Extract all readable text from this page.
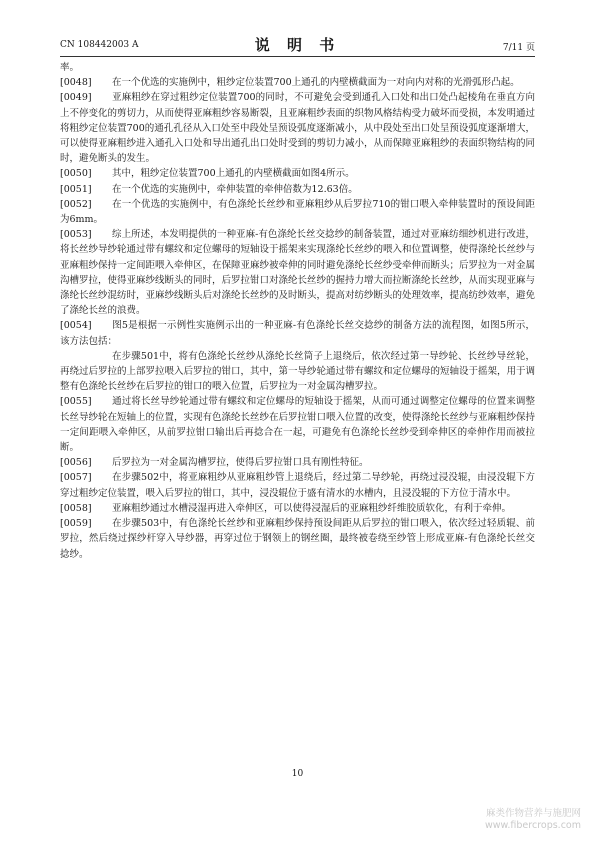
CN 108442003 A	说 明 书	7/11 页

率。

[0048] 在一个优选的实施例中，粗纱定位装置700上通孔的内壁横截面为一对向内对称的光滑弧形凸起。

[0049] 亚麻粗纱在穿过粗纱定位装置700的同时，不可避免会受到通孔入口处和出口处凸起棱角在垂直方向上不停变化的剪切力，从而使得亚麻粗纱容易断裂，且亚麻粗纱表面的织物风格结构受力破坏而受损，本发明通过将粗纱定位装置700的通孔孔径从入口处至中段处呈预设弧度逐渐减小，从中段处至出口处呈预设弧度逐渐增大，可以使得亚麻粗纱进入通孔入口处和导出通孔出口处时受到的剪切力减小，从而保障亚麻粗纱的表面织物结构的同时，避免断头的发生。

[0050] 其中，粗纱定位装置700上通孔的内壁横截面如图4所示。

[0051] 在一个优选的实施例中，牵伸装置的牵伸倍数为12.63倍。

[0052] 在一个优选的实施例中，有色涤纶长丝纱和亚麻粗纱从后罗拉710的钳口喂入牵伸装置时的预设间距为6mm。

[0053] 综上所述，本发明提供的一种亚麻-有色涤纶长丝交捻纱的制备装置，通过对亚麻纺细纱机进行改进，将长丝纱导纱轮通过带有螺纹和定位螺母的短轴设于摇架来实现涤纶长丝纱的喂入和位置调整，使得涤纶长丝纱与亚麻粗纱保持一定间距喂入牵伸区，在保障亚麻纱被牵伸的同时避免涤纶长丝纱受牵伸而断头；后罗拉为一对金属沟槽罗拉，使得亚麻纱线断头的同时，后罗拉钳口对涤纶长丝纱的握持力增大而拉断涤纶长丝纱，从而实现亚麻与涤纶长丝纱混纺时，亚麻纱线断头后对涤纶长丝纱的及时断头，提高对纺纱断头的处理效率，提高纺纱效率，避免了涤纶长丝的浪费。

[0054] 图5是根据一示例性实施例示出的一种亚麻-有色涤纶长丝交捻纱的制备方法的流程图，如图5所示，该方法包括：

在步骤501中，将有色涤纶长丝纱从涤纶长丝筒子上退绕后，依次经过第一导纱轮、长丝纱导丝轮，再绕过后罗拉的上部罗拉喂入后罗拉的钳口，其中，第一导纱轮通过带有螺纹和定位螺母的短轴设于摇架，用于调整有色涤纶长丝纱在后罗拉的钳口的喂入位置，后罗拉为一对金属沟槽罗拉。

[0055] 通过将长丝导纱轮通过带有螺纹和定位螺母的短轴设于摇架，从而可通过调整定位螺母的位置来调整长丝导纱轮在短轴上的位置，实现有色涤纶长丝纱在后罗拉钳口喂入位置的改变，使得涤纶长丝纱与亚麻粗纱保持一定间距喂入牵伸区，从前罗拉钳口输出后再捻合在一起，可避免有色涤纶长丝纱受到牵伸区的牵伸作用而被拉断。

[0056] 后罗拉为一对金属沟槽罗拉，使得后罗拉钳口具有刚性特征。

[0057] 在步骤502中，将亚麻粗纱从亚麻粗纱管上退绕后，经过第二导纱轮，再绕过浸没辊，由浸没辊下方穿过粗纱定位装置，喂入后罗拉的钳口，其中，浸没辊位于盛有清水的水槽内，且浸没辊的下方位于清水中。

[0058] 亚麻粗纱通过水槽浸湿再进入牵伸区，可以使得浸湿后的亚麻粗纱纤维胶质软化，有利于牵伸。

[0059] 在步骤503中，有色涤纶长丝纱和亚麻粗纱保持预设间距从后罗拉的钳口喂入，依次经过轻质辊、前罗拉，然后绕过探纱杆穿入导纱器，再穿过位于钢领上的钢丝圈，最终被卷绕至纱管上形成亚麻-有色涤纶长丝交捻纱。

10
麻类作物营养与施肥网
www.fibercrops.com
